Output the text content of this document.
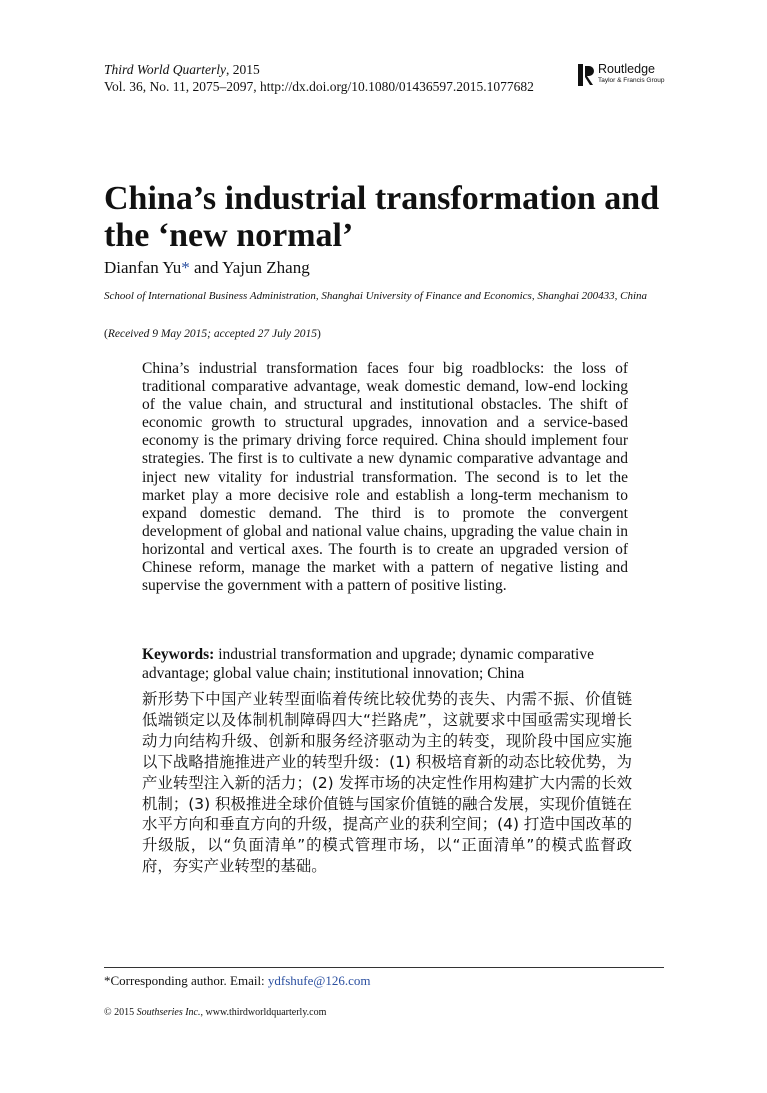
Third World Quarterly, 2015
Vol. 36, No. 11, 2075–2097, http://dx.doi.org/10.1080/01436597.2015.1077682
Routledge
Taylor & Francis Group
China’s industrial transformation and the ‘new normal’
Dianfan Yu* and Yajun Zhang
School of International Business Administration, Shanghai University of Finance and Economics, Shanghai 200433, China
(Received 9 May 2015; accepted 27 July 2015)

China’s industrial transformation faces four big roadblocks: the loss of traditional comparative advantage, weak domestic demand, low-end locking of the value chain, and structural and institutional obstacles. The shift of economic growth to structural upgrades, innovation and a service-based economy is the primary driving force required. China should implement four strategies. The first is to cultivate a new dynamic comparative advantage and inject new vitality for industrial transformation. The second is to let the market play a more decisive role and establish a long-term mechanism to expand domestic demand. The third is to promote the convergent development of global and national value chains, upgrading the value chain in horizontal and vertical axes. The fourth is to create an upgraded version of Chinese reform, manage the market with a pattern of negative listing and supervise the government with a pattern of positive listing.

Keywords: industrial transformation and upgrade; dynamic comparative advantage; global value chain; institutional innovation; China

新形势下中国产业转型面临着传统比较优势的丧失、内需不振、价值链低端锁定以及体制机制障碍四大“拦路虎”，这就要求中国亟需实现增长动力向结构升级、创新和服务经济驱动为主的转变，现阶段中国应实施以下战略措施推进产业的转型升级：(1) 积极培育新的动态比较优势，为产业转型注入新的活力；(2) 发挥市场的决定性作用构建扩大内需的长效机制；(3) 积极推进全球价值链与国家价值链的融合发展，实现价值链在水平方向和垂直方向的升级，提高产业的获利空间；(4) 打造中国改革的升级版，以“负面清单”的模式管理市场，以“正面清单”的模式监督政府，夯实产业转型的基础。

*Corresponding author. Email: ydfshufe@126.com
© 2015 Southseries Inc., www.thirdworldquarterly.com
